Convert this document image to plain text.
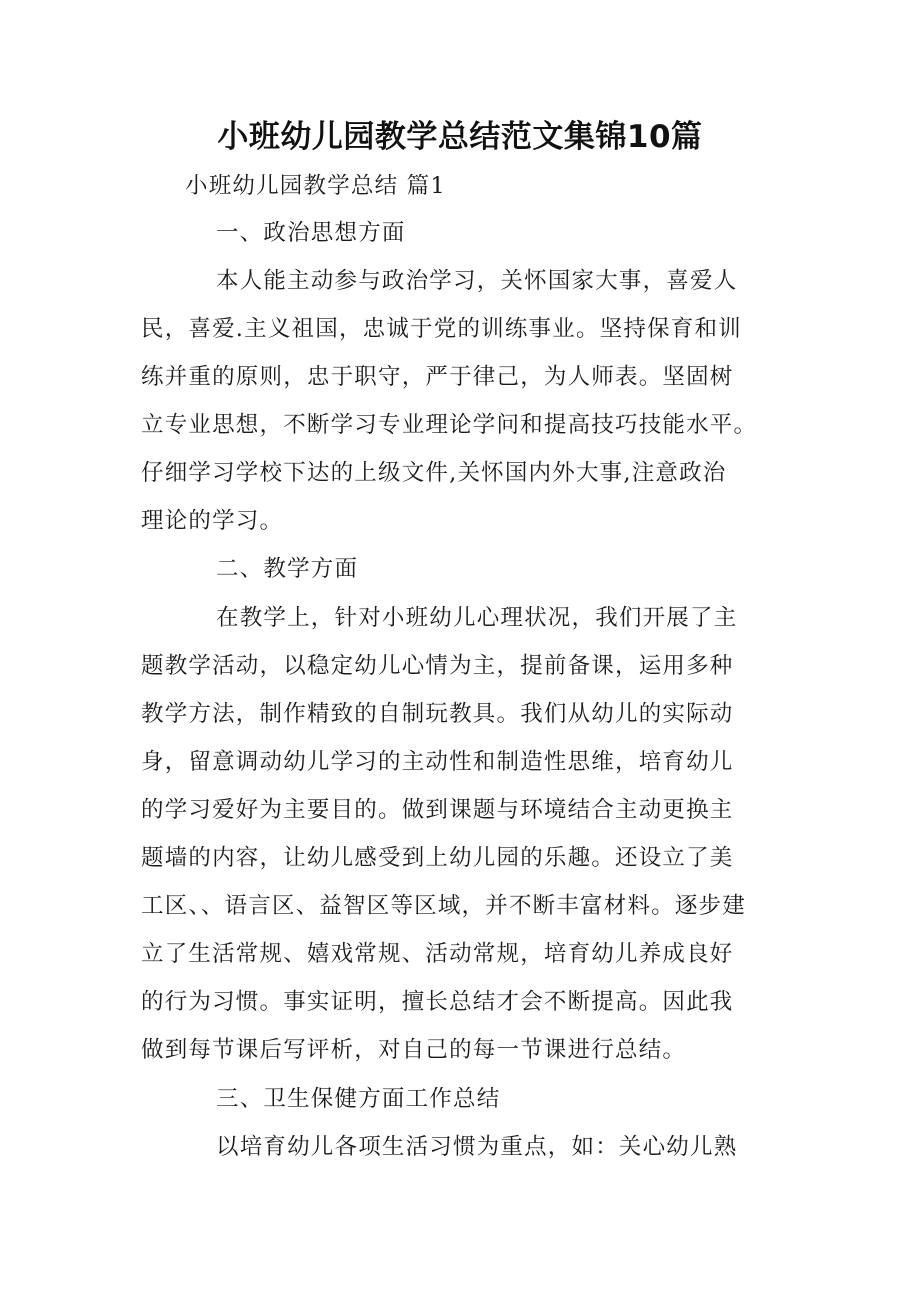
小班幼儿园教学总结范文集锦10篇

小班幼儿园教学总结 篇1

一、政治思想方面

本人能主动参与政治学习，关怀国家大事，喜爱人

民，喜爱.主义祖国，忠诚于党的训练事业。坚持保育和训

练并重的原则，忠于职守，严于律己，为人师表。坚固树

立专业思想，不断学习专业理论学问和提高技巧技能水平。

仔细学习学校下达的上级文件,关怀国内外大事,注意政治

理论的学习。

二、教学方面

在教学上，针对小班幼儿心理状况，我们开展了主

题教学活动，以稳定幼儿心情为主，提前备课，运用多种

教学方法，制作精致的自制玩教具。我们从幼儿的实际动

身，留意调动幼儿学习的主动性和制造性思维，培育幼儿

的学习爱好为主要目的。做到课题与环境结合主动更换主

题墙的内容，让幼儿感受到上幼儿园的乐趣。还设立了美

工区、、语言区、益智区等区域，并不断丰富材料。逐步建

立了生活常规、嬉戏常规、活动常规，培育幼儿养成良好

的行为习惯。事实证明，擅长总结才会不断提高。因此我

做到每节课后写评析，对自己的每一节课进行总结。

三、卫生保健方面工作总结

以培育幼儿各项生活习惯为重点，如：关心幼儿熟
